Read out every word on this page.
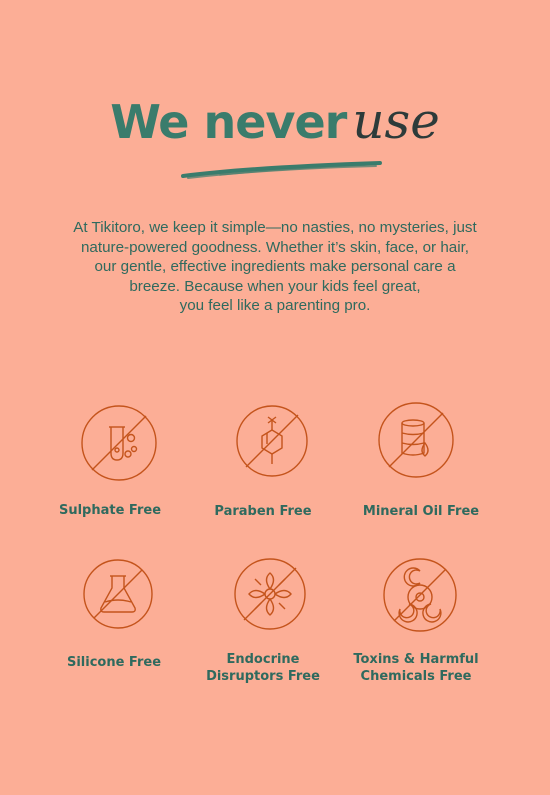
We never use
At Tikitoro, we keep it simple—no nasties, no mysteries, just
nature-powered goodness. Whether it’s skin, face, or hair,
our gentle, effective ingredients make personal care a
breeze. Because when your kids feel great,
you feel like a parenting pro.
Sulphate Free	Paraben Free	Mineral Oil Free
Silicone Free	Endocrine
Disruptors Free
Toxins & Harmful
Chemicals Free
